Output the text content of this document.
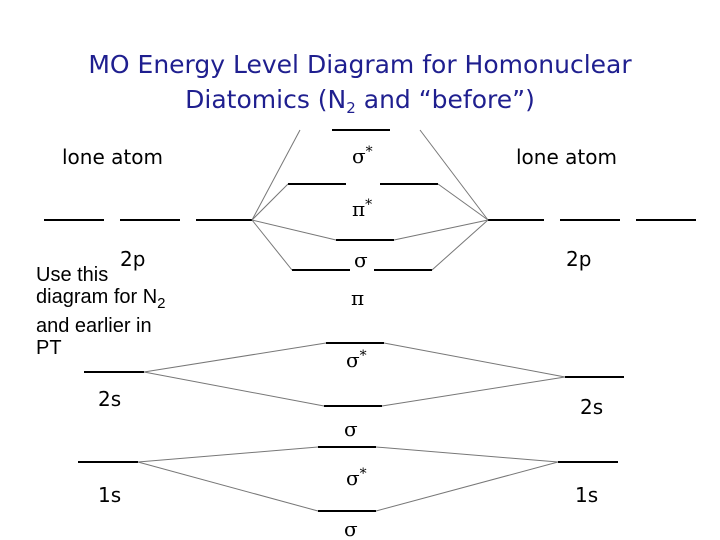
MO Energy Level Diagram for Homonuclear
Diatomics ($N_2$ and “before”)
lone atom	lone atom
2p	2p
2s	2s
1s	1s
Use this
diagram for $N_2$
and earlier in
PT
σ*
π*
σ
π
σ*
σ
σ*
σ
